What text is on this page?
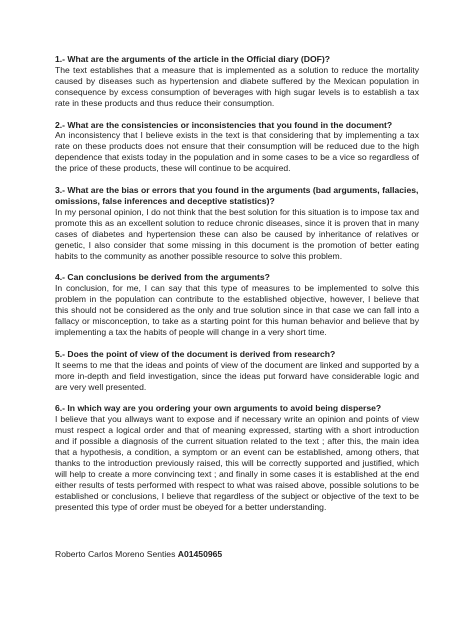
1.- What are the arguments of the article in the Official diary (DOF)?

The text establishes that a measure that is implemented as a solution to reduce the mortality caused by diseases such as hypertension and diabete suffered by the Mexican population in consequence by excess consumption of beverages with high sugar levels is to establish a tax rate in these products and thus reduce their consumption.

2.- What are the consistencies or inconsistencies that you found in the document?

An inconsistency that I believe exists in the text is that considering that by implementing a tax rate on these products does not ensure that their consumption will be reduced due to the high dependence that exists today in the population and in some cases to be a vice so regardless of the price of these products, these will continue to be acquired.

3.- What are the bias or errors that you found in the arguments (bad arguments, fallacies, omissions, false inferences and deceptive statistics)?

In my personal opinion, I do not think that the best solution for this situation is to impose tax and promote this as an excellent solution to reduce chronic diseases, since it is proven that in many cases of diabetes and hypertension these can also be caused by inheritance of relatives or genetic, I also consider that some missing in this document is the promotion of better eating habits to the community as another possible resource to solve this problem.

4.- Can conclusions be derived from the arguments?

In conclusion, for me, I can say that this type of measures to be implemented to solve this problem in the population can contribute to the established objective, however, I believe that this should not be considered as the only and true solution since in that case we can fall into a fallacy or misconception, to take as a starting point for this human behavior and believe that by implementing a tax the habits of people will change in a very short time.

5.- Does the point of view of the document is derived from research?

It seems to me that the ideas and points of view of the document are linked and supported by a more in-depth and field investigation, since the ideas put forward have considerable logic and are very well presented.

6.- In which way are you ordering your own arguments to avoid being disperse?

I believe that you allways want to expose and if necessary write an opinion and points of view must respect a logical order and that of meaning expressed, starting with a short introduction and if possible a diagnosis of the current situation related to the text ; after this, the main idea that a hypothesis, a condition, a symptom or an event can be established, among others, that thanks to the introduction previously raised, this will be correctly supported and justified, which will help to create a more convincing text ; and finally in some cases it is established at the end either results of tests performed with respect to what was raised above, possible solutions to be established or conclusions, I believe that regardless of the subject or objective of the text to be presented this type of order must be obeyed for a better understanding.

Roberto Carlos Moreno Senties A01450965
